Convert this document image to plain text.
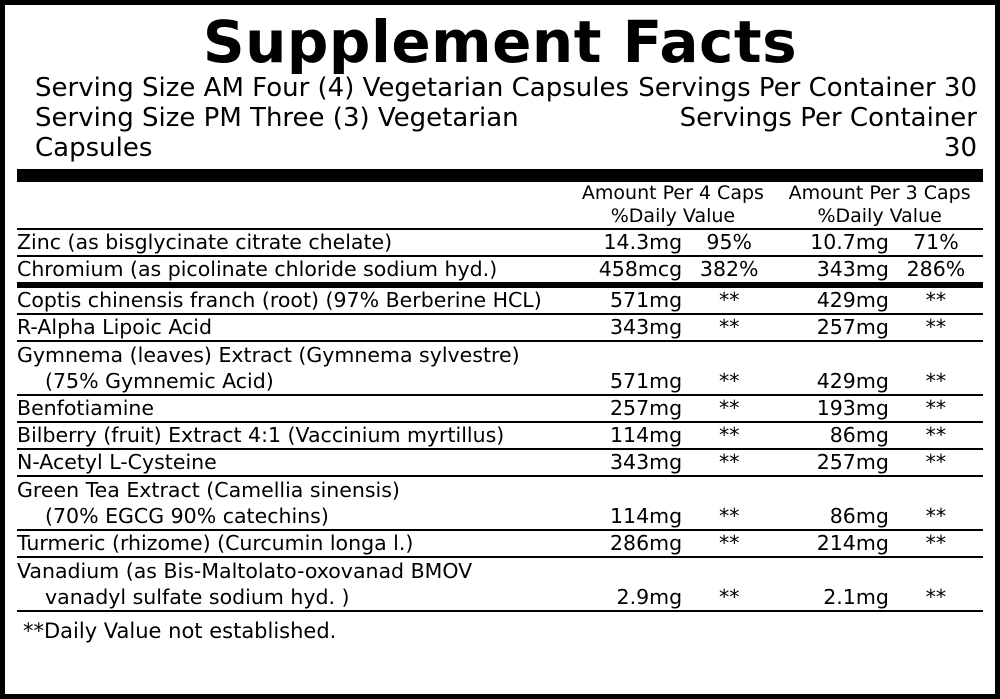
Supplement Facts
Serving Size AM Four (4) Vegetarian Capsules Servings Per Container 30
Serving Size PM Three (3) Vegetarian Capsules
Servings Per Container 30

	Amount Per 4 Caps
%Daily Value		Amount Per 3 Caps
%Daily Value	

Zinc (as bisglycinate citrate chelate)	14.3mg	95%	10.7mg	71%

Chromium (as picolinate chloride sodium hyd.)	458mcg	382%	343mg	286%

Coptis chinensis franch (root) (97% Berberine HCL)	571mg	**	429mg	**

R-Alpha Lipoic Acid	343mg	**	257mg	**

Gymnema (leaves) Extract (Gymnema sylvestre)
(75% Gymnemic Acid)	571mg	**	429mg	**

Benfotiamine	257mg	**	193mg	**

Bilberry (fruit) Extract 4:1 (Vaccinium myrtillus)	114mg	**	86mg	**

N-Acetyl L-Cysteine	343mg	**	257mg	**

Green Tea Extract (Camellia sinensis)
(70% EGCG 90% catechins)	114mg	**	86mg	**

Turmeric (rhizome) (Curcumin longa l.)	286mg	**	214mg	**

Vanadium (as Bis-Maltolato-oxovanad BMOV
vanadyl sulfate sodium hyd. )	2.9mg	**	2.1mg	**

**Daily Value not established.
